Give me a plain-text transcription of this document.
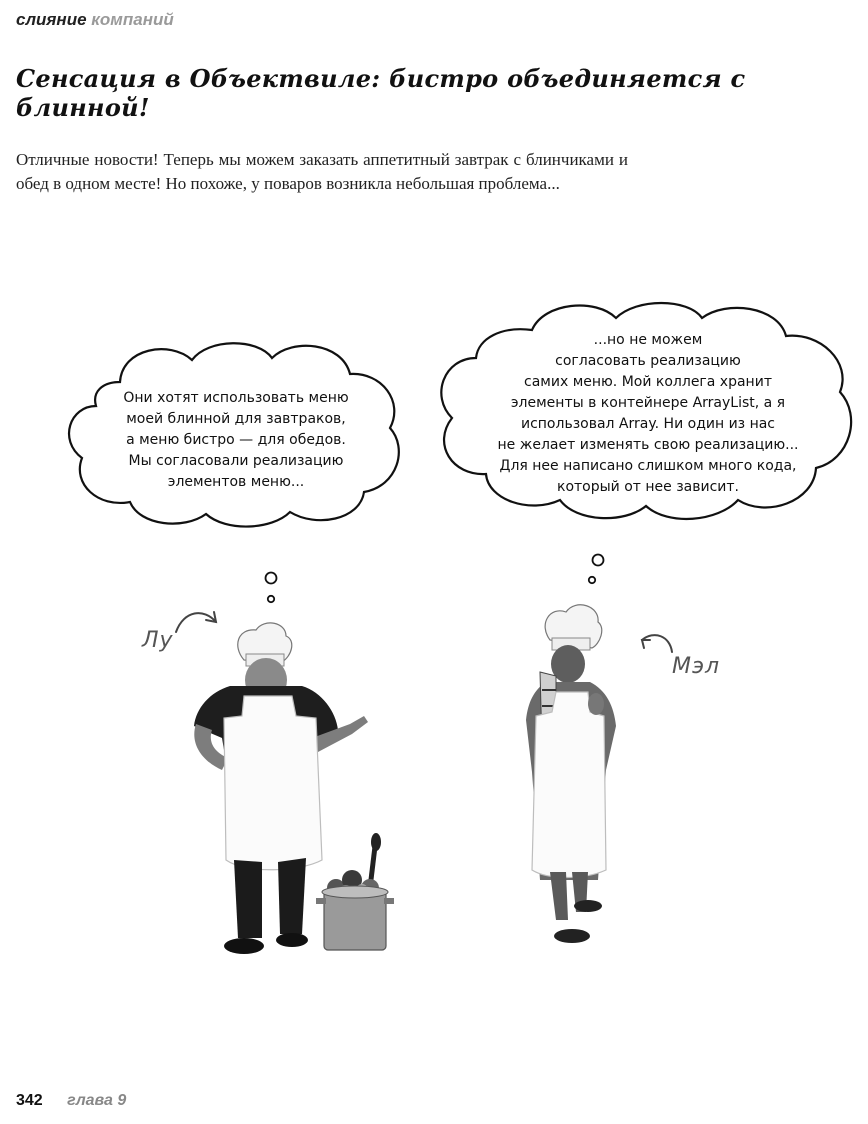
слияние компаний
Сенсация в Объектвиле: бистро объединяется с блинной!

Отличные новости! Теперь мы можем заказать аппетитный завтрак с блинчиками и обед в одном месте! Но похоже, у поваров возникла небольшая проблема...

Они хотят использовать меню
моей блинной для завтраков,
а меню бистро — для обедов.
Мы согласовали реализацию
элементов меню...
...но не можем
согласовать реализацию
самих меню. Мой коллега хранит
элементы в контейнере ArrayList, а я
использовал Array. Ни один из нас
не желает изменять свою реализацию...
Для нее написано слишком много кода,
который от нее зависит.
Лу
Мэл
342 глава 9
